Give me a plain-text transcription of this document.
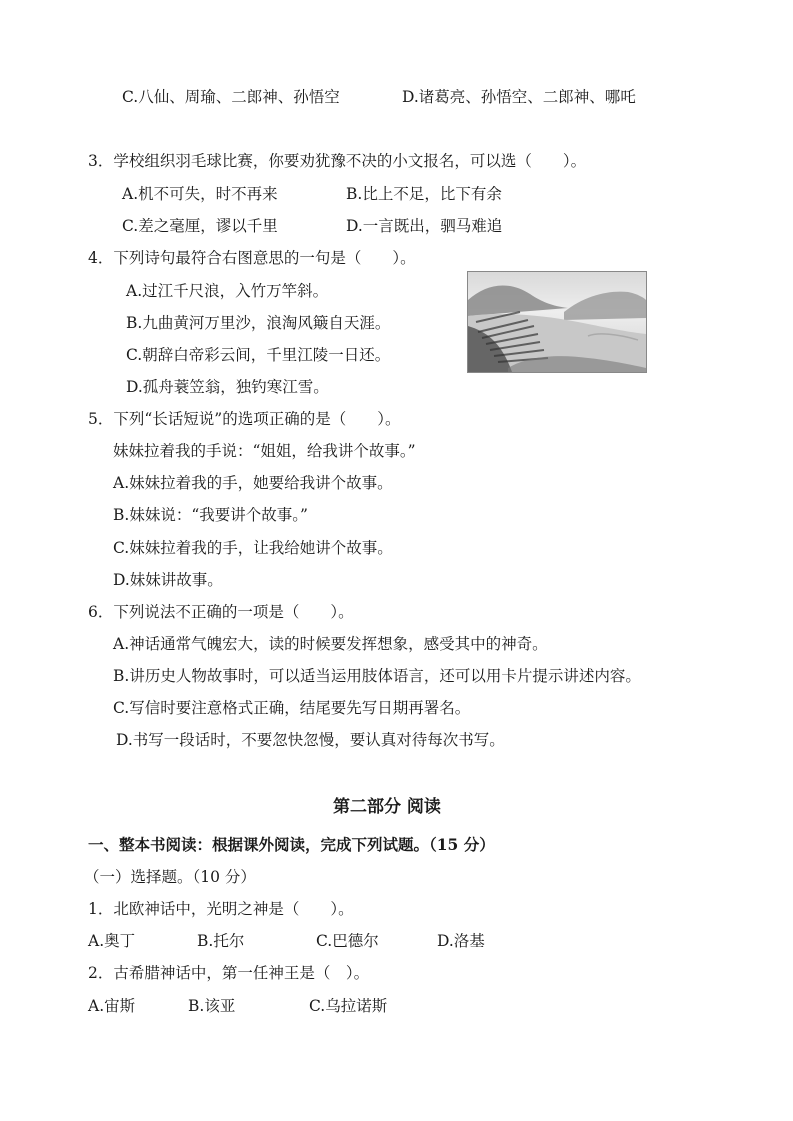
C.八仙、周瑜、二郎神、孙悟空	D.诸葛亮、孙悟空、二郎神、哪吒
3．学校组织羽毛球比赛，你要劝犹豫不决的小文报名，可以选（　　）。
A.机不可失，时不再来	B.比上不足，比下有余
C.差之毫厘，谬以千里	D.一言既出，驷马难追
4．下列诗句最符合右图意思的一句是（　　）。
A.过江千尺浪，入竹万竿斜。
B.九曲黄河万里沙，浪淘风簸自天涯。
C.朝辞白帝彩云间，千里江陵一日还。
D.孤舟蓑笠翁，独钓寒江雪。
5．下列“长话短说”的选项正确的是（　　）。
妹妹拉着我的手说：“姐姐，给我讲个故事。”
A.妹妹拉着我的手，她要给我讲个故事。
B.妹妹说：“我要讲个故事。”
C.妹妹拉着我的手，让我给她讲个故事。
D.妹妹讲故事。
6．下列说法不正确的一项是（　　）。
A.神话通常气魄宏大，读的时候要发挥想象，感受其中的神奇。
B.讲历史人物故事时，可以适当运用肢体语言，还可以用卡片提示讲述内容。
C.写信时要注意格式正确，结尾要先写日期再署名。
D.书写一段话时，不要忽快忽慢，要认真对待每次书写。
第二部分 阅读
一、整本书阅读：根据课外阅读，完成下列试题。（15 分）
（一）选择题。（10 分）
1．北欧神话中，光明之神是（　　）。
A.奥丁	B.托尔	C.巴德尔	D.洛基
2．古希腊神话中，第一任神王是（　）。
A.宙斯	B.该亚	C.乌拉诺斯
